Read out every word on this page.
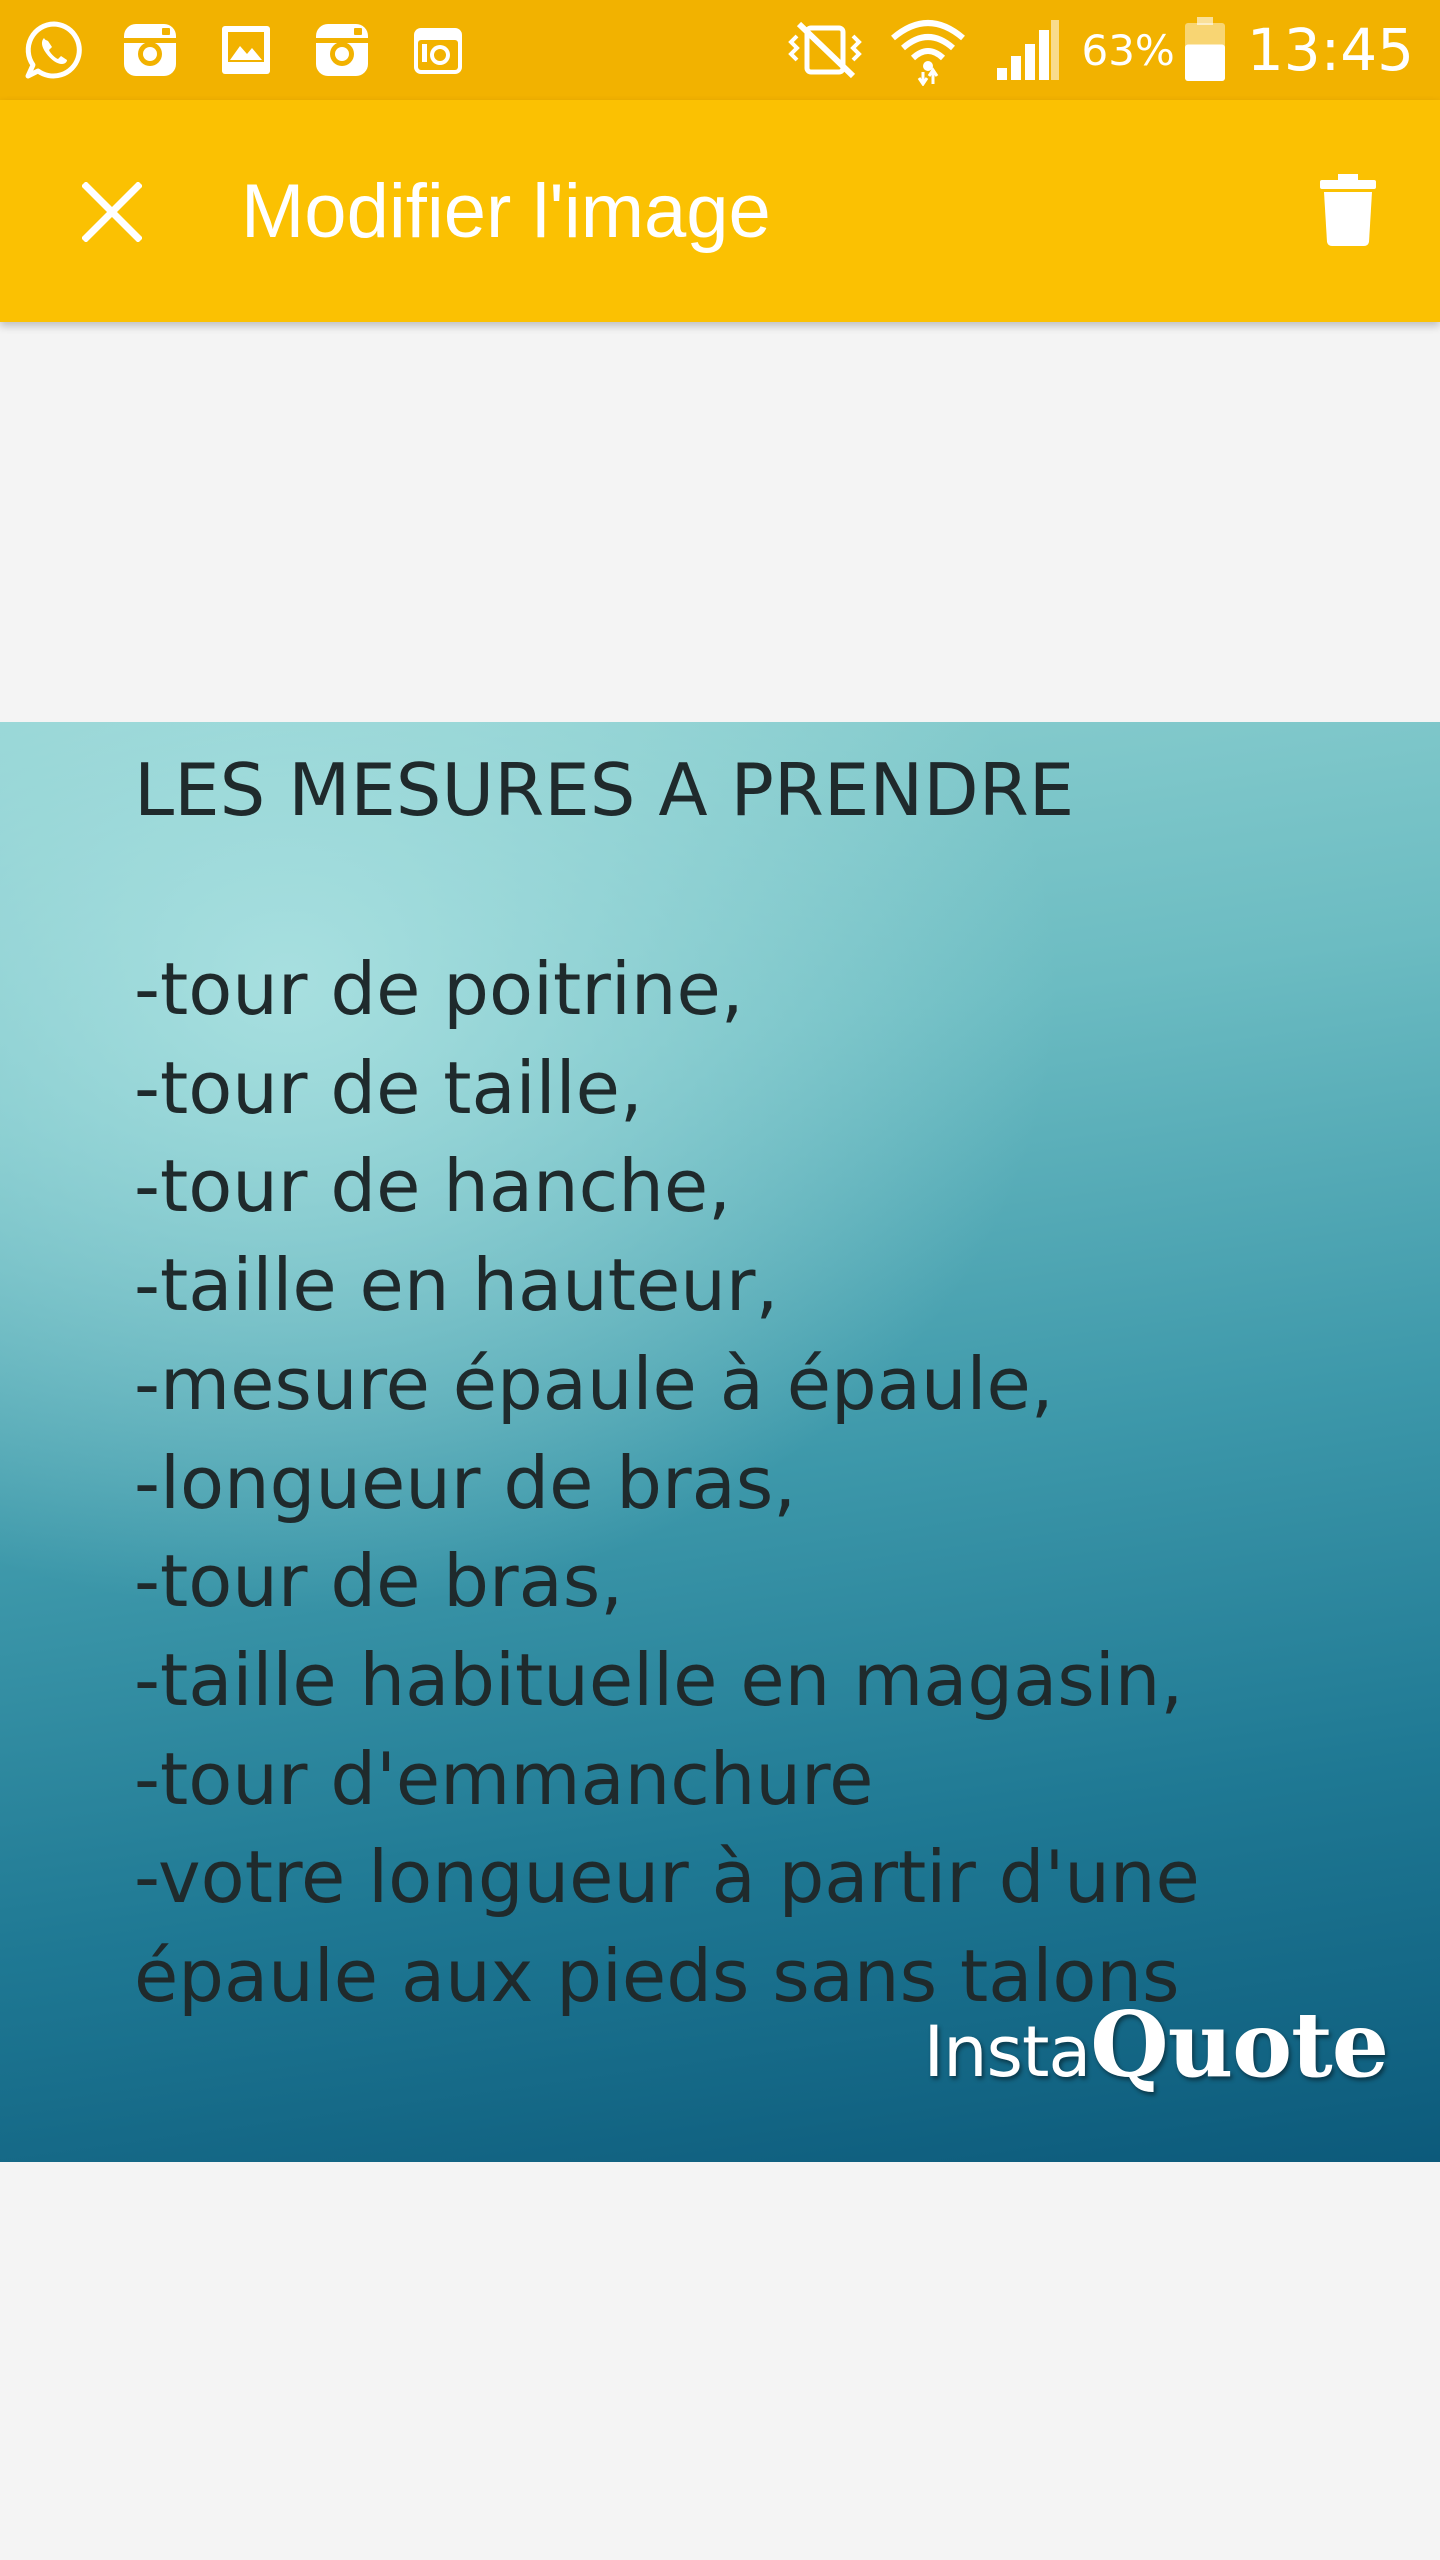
63% 13:45
Modifier l'image
LES MESURES A PRENDRE
-tour de poitrine,
-tour de taille,
-tour de hanche,
-taille en hauteur,
-mesure épaule à épaule,
-longueur de bras,
-tour de bras,
-taille habituelle en magasin,
-tour d'emmanchure
-votre longueur à partir d'une
épaule aux pieds sans talons
InstaQuote
